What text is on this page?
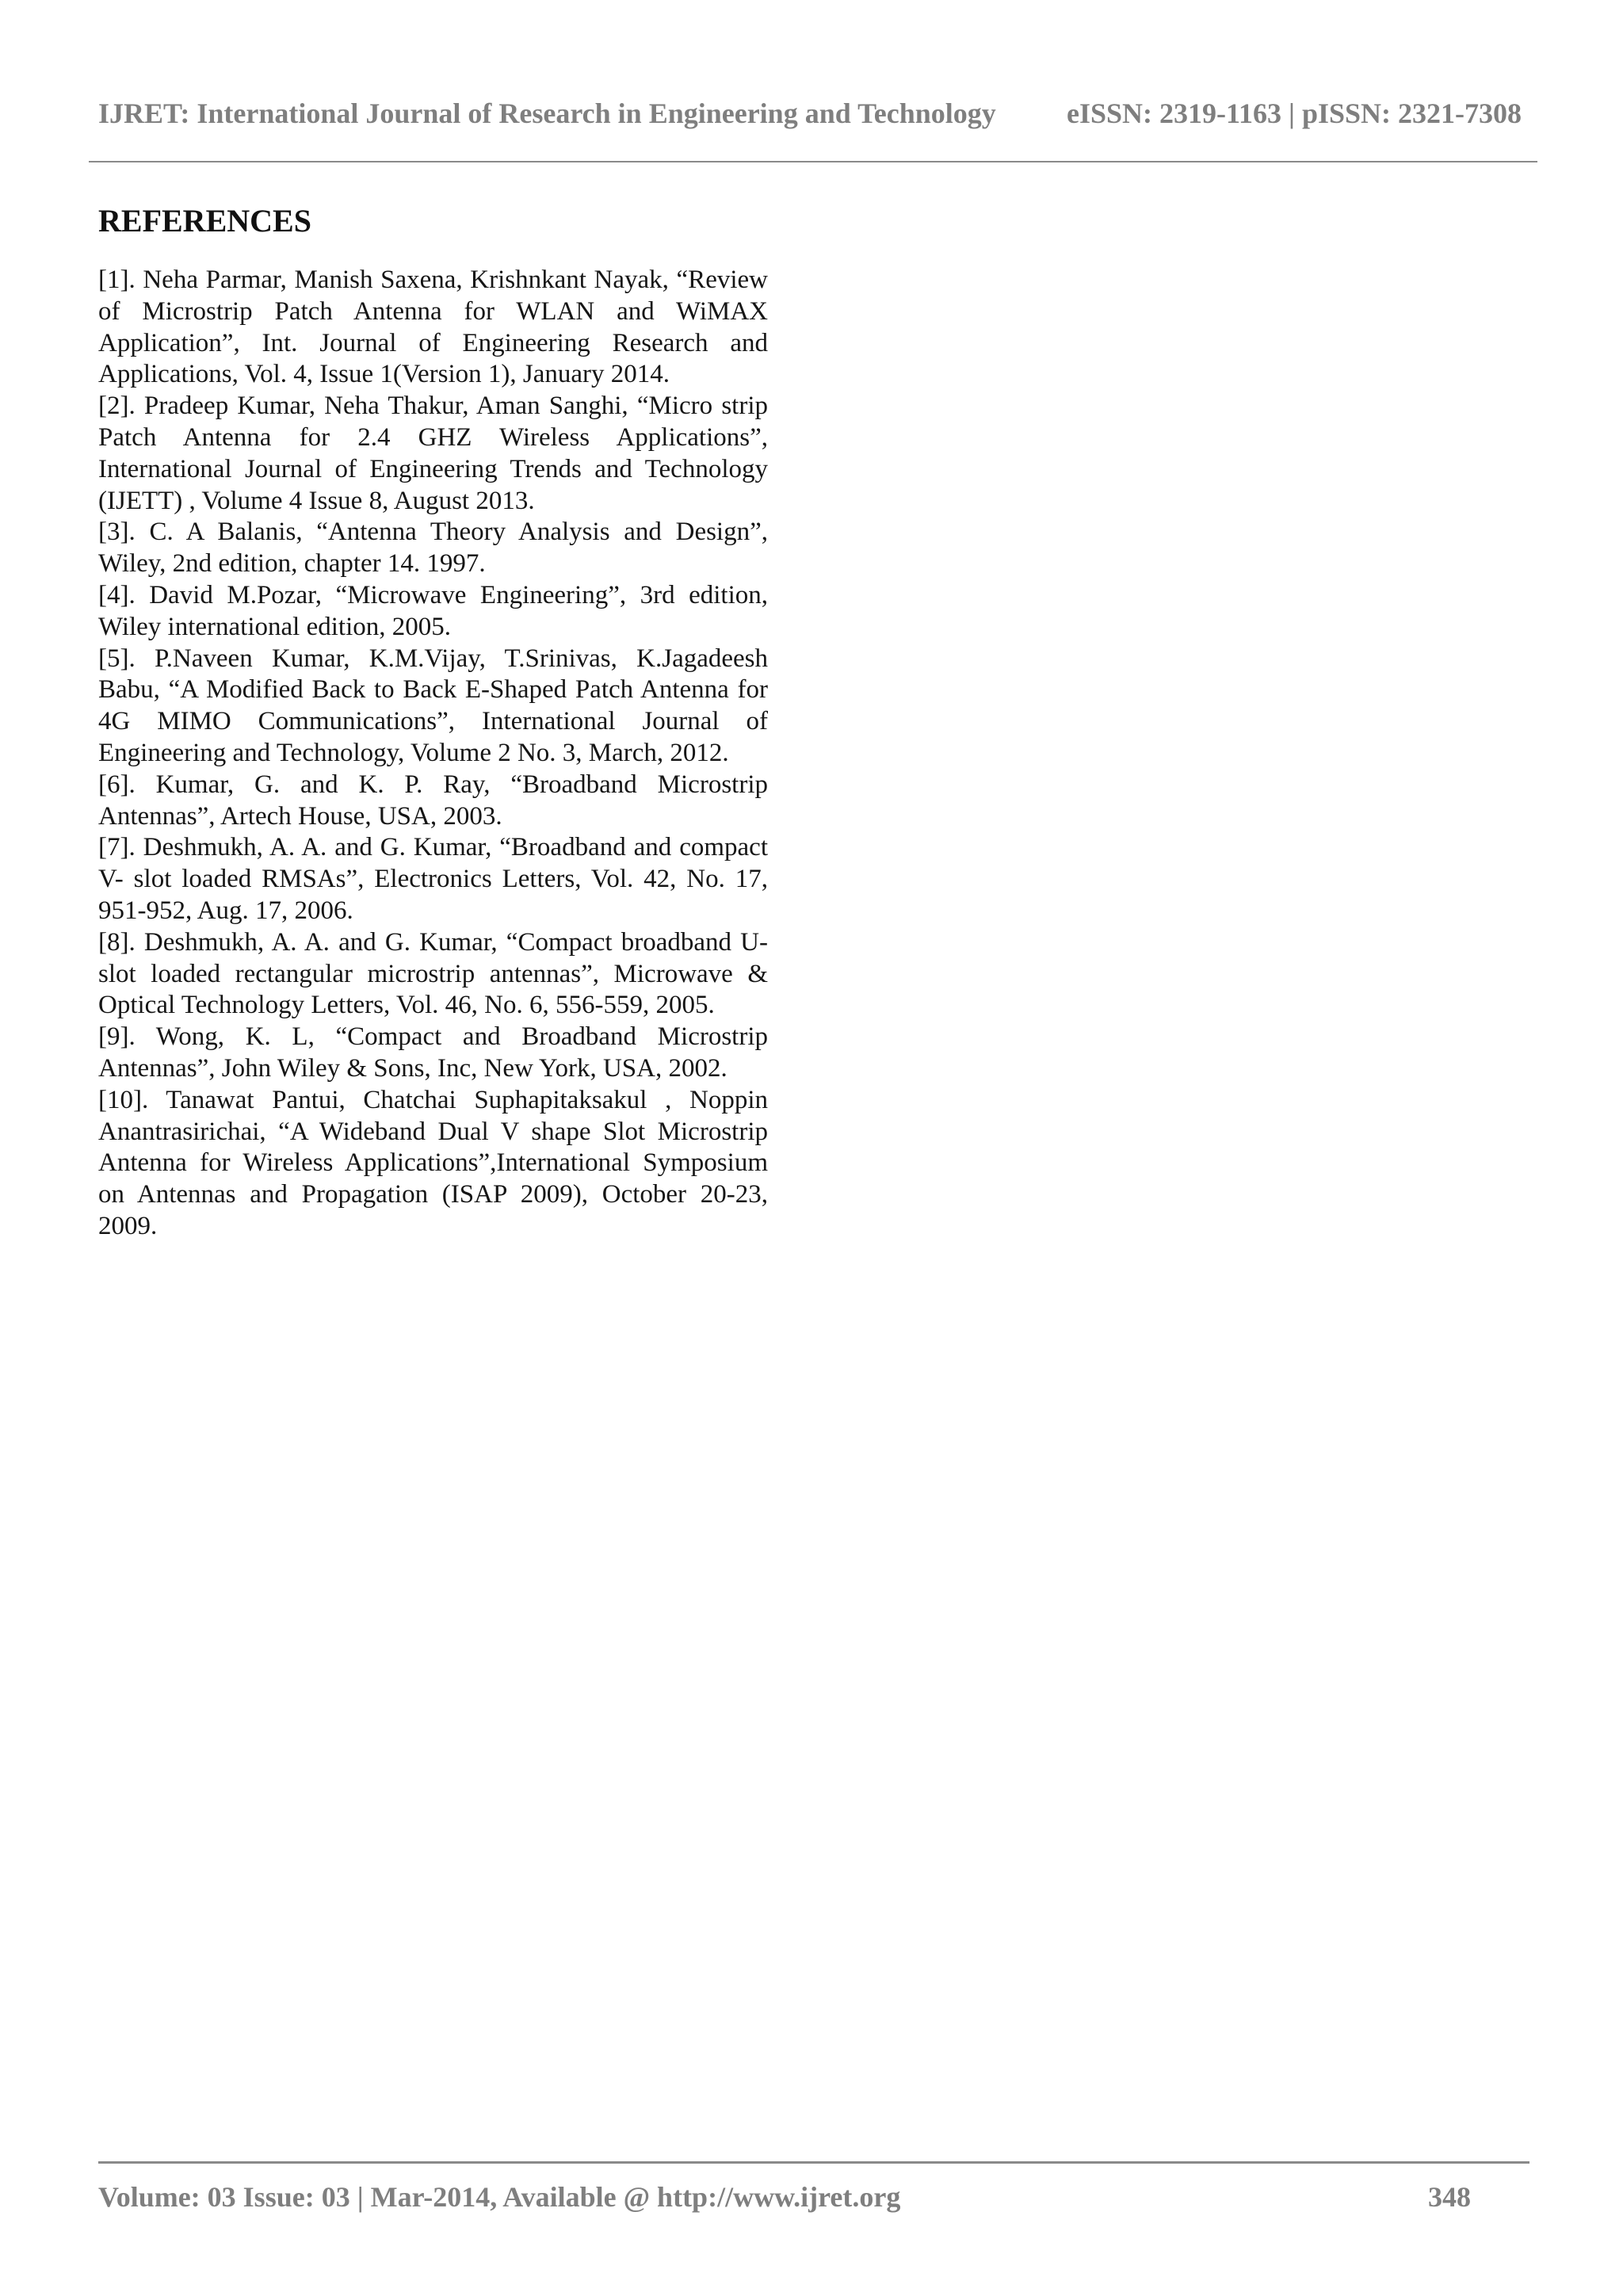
IJRET: International Journal of Research in Engineering and Technology eISSN: 2319-1163 | pISSN: 2321-7308
REFERENCES

[1]. Neha Parmar, Manish Saxena, Krishnkant Nayak, “Review of Microstrip Patch Antenna for WLAN and WiMAX Application”, Int. Journal of Engineering Research and Applications, Vol. 4, Issue 1(Version 1), January 2014.

[2]. Pradeep Kumar, Neha Thakur, Aman Sanghi, “Micro strip Patch Antenna for 2.4 GHZ Wireless Applications”, International Journal of Engineering Trends and Technology (IJETT) , Volume 4 Issue 8, August 2013.

[3]. C. A Balanis, “Antenna Theory Analysis and Design”, Wiley, 2nd edition, chapter 14. 1997.

[4]. David M.Pozar, “Microwave Engineering”, 3rd edition, Wiley international edition, 2005.

[5]. P.Naveen Kumar, K.M.Vijay, T.Srinivas, K.Jagadeesh Babu, “A Modified Back to Back E-Shaped Patch Antenna for 4G MIMO Communications”, International Journal of Engineering and Technology, Volume 2 No. 3, March, 2012.

[6]. Kumar, G. and K. P. Ray, “Broadband Microstrip Antennas”, Artech House, USA, 2003.

[7]. Deshmukh, A. A. and G. Kumar, “Broadband and compact V- slot loaded RMSAs”, Electronics Letters, Vol. 42, No. 17, 951-952, Aug. 17, 2006.

[8]. Deshmukh, A. A. and G. Kumar, “Compact broadband U-slot loaded rectangular microstrip antennas”, Microwave & Optical Technology Letters, Vol. 46, No. 6, 556-559, 2005.

[9]. Wong, K. L, “Compact and Broadband Microstrip Antennas”, John Wiley & Sons, Inc, New York, USA, 2002.

[10]. Tanawat Pantui, Chatchai Suphapitaksakul , Noppin Anantrasirichai, “A Wideband Dual V shape Slot Microstrip Antenna for Wireless Applications”,International Symposium on Antennas and Propagation (ISAP 2009), October 20-23, 2009.

Volume: 03 Issue: 03 | Mar-2014, Available @ http://www.ijret.org	348
